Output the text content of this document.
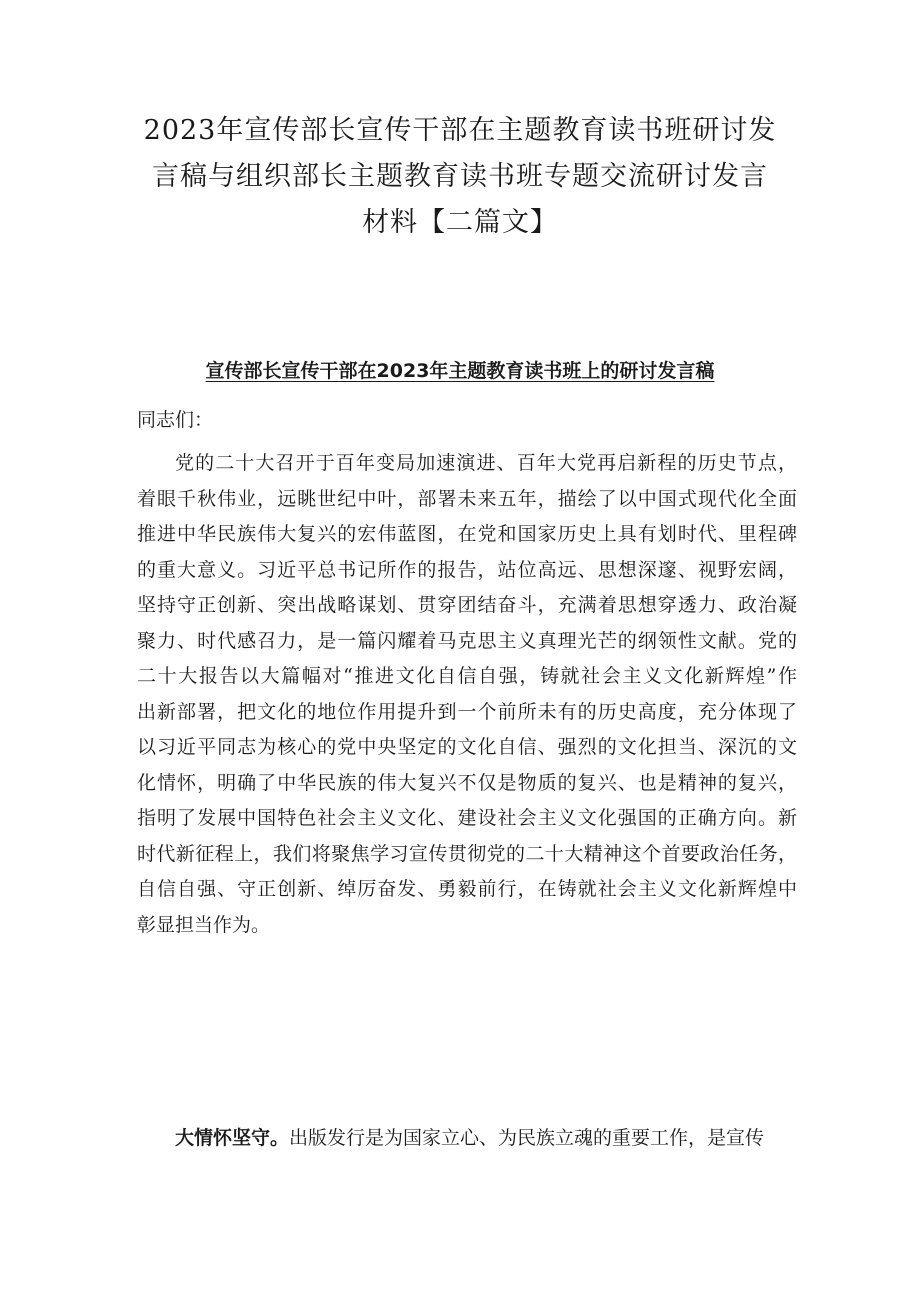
2023年宣传部长宣传干部在主题教育读书班研讨发
言稿与组织部长主题教育读书班专题交流研讨发言
材料【二篇文】
宣传部长宣传干部在2023年主题教育读书班上的研讨发言稿

同志们：

党的二十大召开于百年变局加速演进、百年大党再启新程的历史节点，
着眼千秋伟业，远眺世纪中叶，部署未来五年，描绘了以中国式现代化全面
推进中华民族伟大复兴的宏伟蓝图，在党和国家历史上具有划时代、里程碑
的重大意义。习近平总书记所作的报告，站位高远、思想深邃、视野宏阔，
坚持守正创新、突出战略谋划、贯穿团结奋斗，充满着思想穿透力、政治凝
聚力、时代感召力，是一篇闪耀着马克思主义真理光芒的纲领性文献。党的
二十大报告以大篇幅对“推进文化自信自强，铸就社会主义文化新辉煌”作
出新部署，把文化的地位作用提升到一个前所未有的历史高度，充分体现了
以习近平同志为核心的党中央坚定的文化自信、强烈的文化担当、深沉的文
化情怀，明确了中华民族的伟大复兴不仅是物质的复兴、也是精神的复兴，
指明了发展中国特色社会主义文化、建设社会主义文化强国的正确方向。新
时代新征程上，我们将聚焦学习宣传贯彻党的二十大精神这个首要政治任务，
自信自强、守正创新、绰厉奋发、勇毅前行，在铸就社会主义文化新辉煌中
彰显担当作为。

大情怀坚守。出版发行是为国家立心、为民族立魂的重要工作，是宣传
